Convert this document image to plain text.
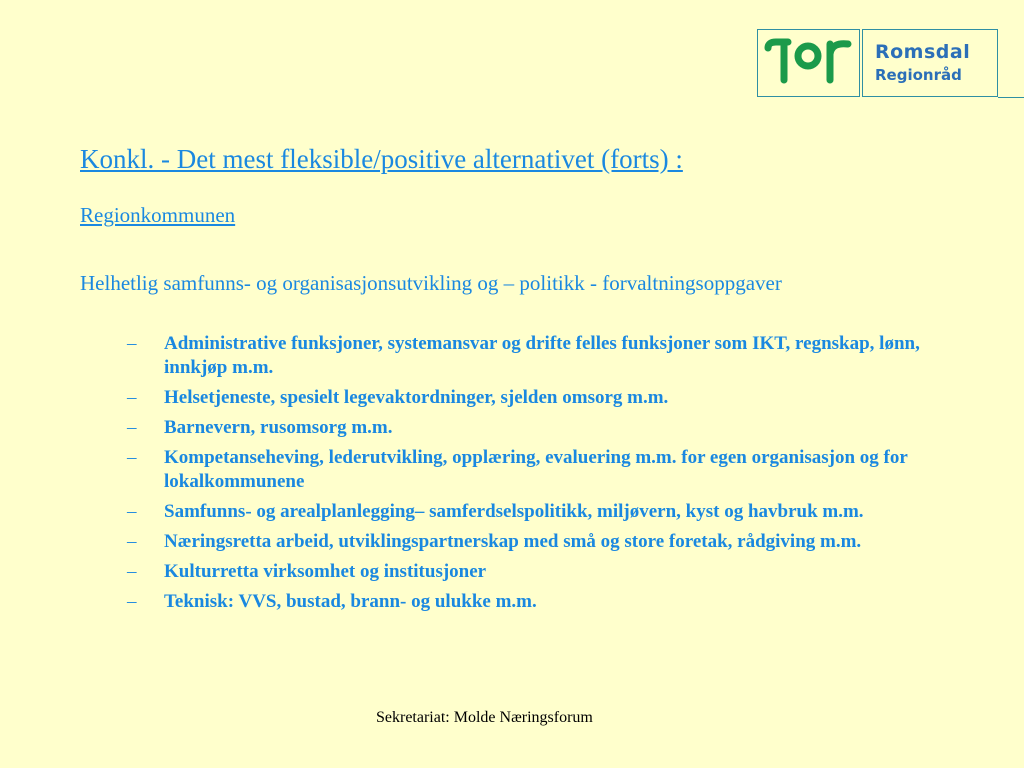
Romsdal
Regionråd
Konkl. - Det mest fleksible/positive alternativet (forts) :
Regionkommunen
Helhetlig samfunns- og organisasjonsutvikling og – politikk - forvaltningsoppgaver
– Administrative funksjoner, systemansvar og drifte felles funksjoner som IKT, regnskap, lønn, innkjøp m.m.
– Helsetjeneste, spesielt legevaktordninger, sjelden omsorg m.m.
– Barnevern, rusomsorg m.m.
– Kompetanseheving, lederutvikling, opplæring, evaluering m.m. for egen organisasjon og for lokalkommunene
– Samfunns- og arealplanlegging– samferdselspolitikk, miljøvern, kyst og havbruk m.m.
– Næringsretta arbeid, utviklingspartnerskap med små og store foretak, rådgiving m.m.
– Kulturretta virksomhet og institusjoner
– Teknisk: VVS, bustad, brann- og ulukke m.m.
Sekretariat: Molde Næringsforum
